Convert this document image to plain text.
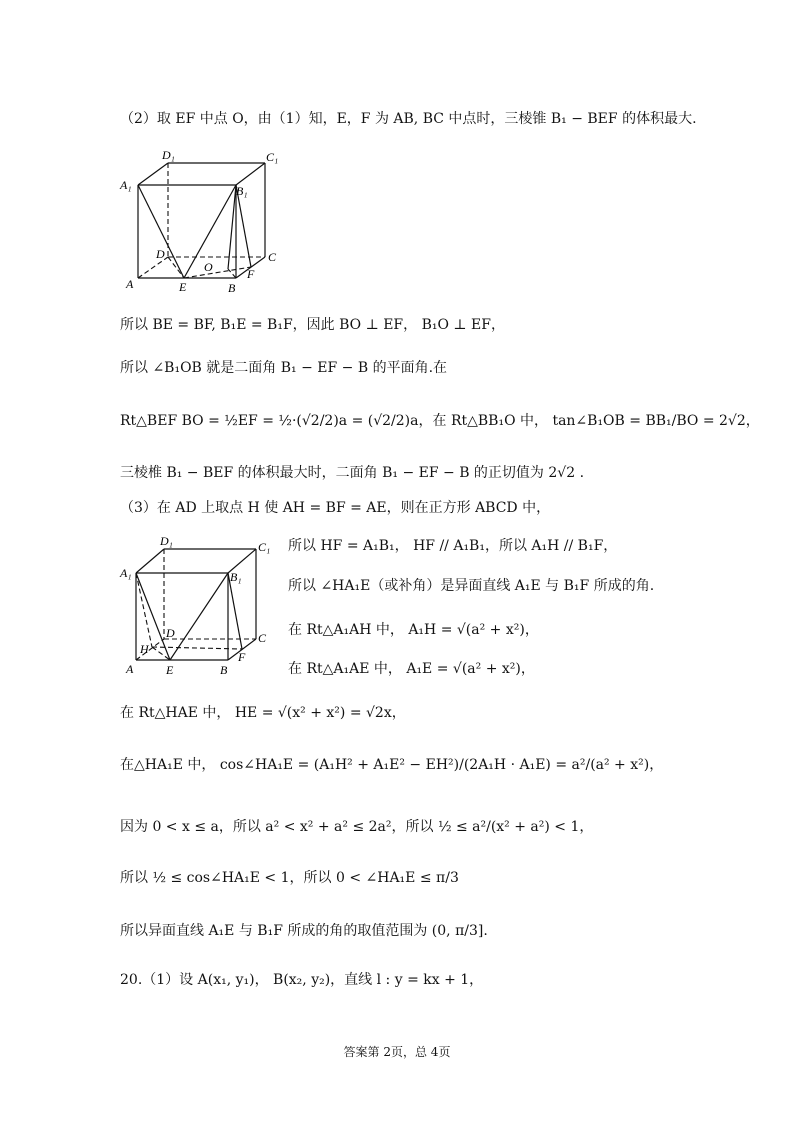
（2）取 EF 中点 O，由（1）知，E，F 为 AB, BC 中点时，三棱锥 B₁ − BEF 的体积最大.
D₁	C₁
A₁	B₁
D	C
O	F
A	E	B
所以 BE = BF, B₁E = B₁F，因此 BO ⊥ EF， B₁O ⊥ EF，
所以 ∠B₁OB 就是二面角 B₁ − EF − B 的平面角.在
Rt△BEF BO = ½EF = ½·(√2/2)a = (√2/2)a，在 Rt△BB₁O 中， tan∠B₁OB = BB₁/BO = 2√2，
三棱椎 B₁ − BEF 的体积最大时，二面角 B₁ − EF − B 的正切值为 2√2 .
（3）在 AD 上取点 H 使 AH = BF = AE，则在正方形 ABCD 中，
D₁	C₁
A₁	B₁
D	C
H
F
A	E	B
所以 HF = A₁B₁， HF // A₁B₁，所以 A₁H // B₁F，
所以 ∠HA₁E（或补角）是异面直线 A₁E 与 B₁F 所成的角.
在 Rt△A₁AH 中， A₁H = √(a² + x²)，
在 Rt△A₁AE 中， A₁E = √(a² + x²)，
在 Rt△HAE 中， HE = √(x² + x²) = √2x，
在△HA₁E 中， cos∠HA₁E = (A₁H² + A₁E² − EH²)/(2A₁H · A₁E) = a²/(a² + x²)，
因为 0 < x ≤ a，所以 a² < x² + a² ≤ 2a²，所以 ½ ≤ a²/(x² + a²) < 1，
所以 ½ ≤ cos∠HA₁E < 1，所以 0 < ∠HA₁E ≤ π/3
所以异面直线 A₁E 与 B₁F 所成的角的取值范围为 (0, π/3].
20.（1）设 A(x₁, y₁)， B(x₂, y₂)，直线 l : y = kx + 1，
答案第 2页，总 4页
